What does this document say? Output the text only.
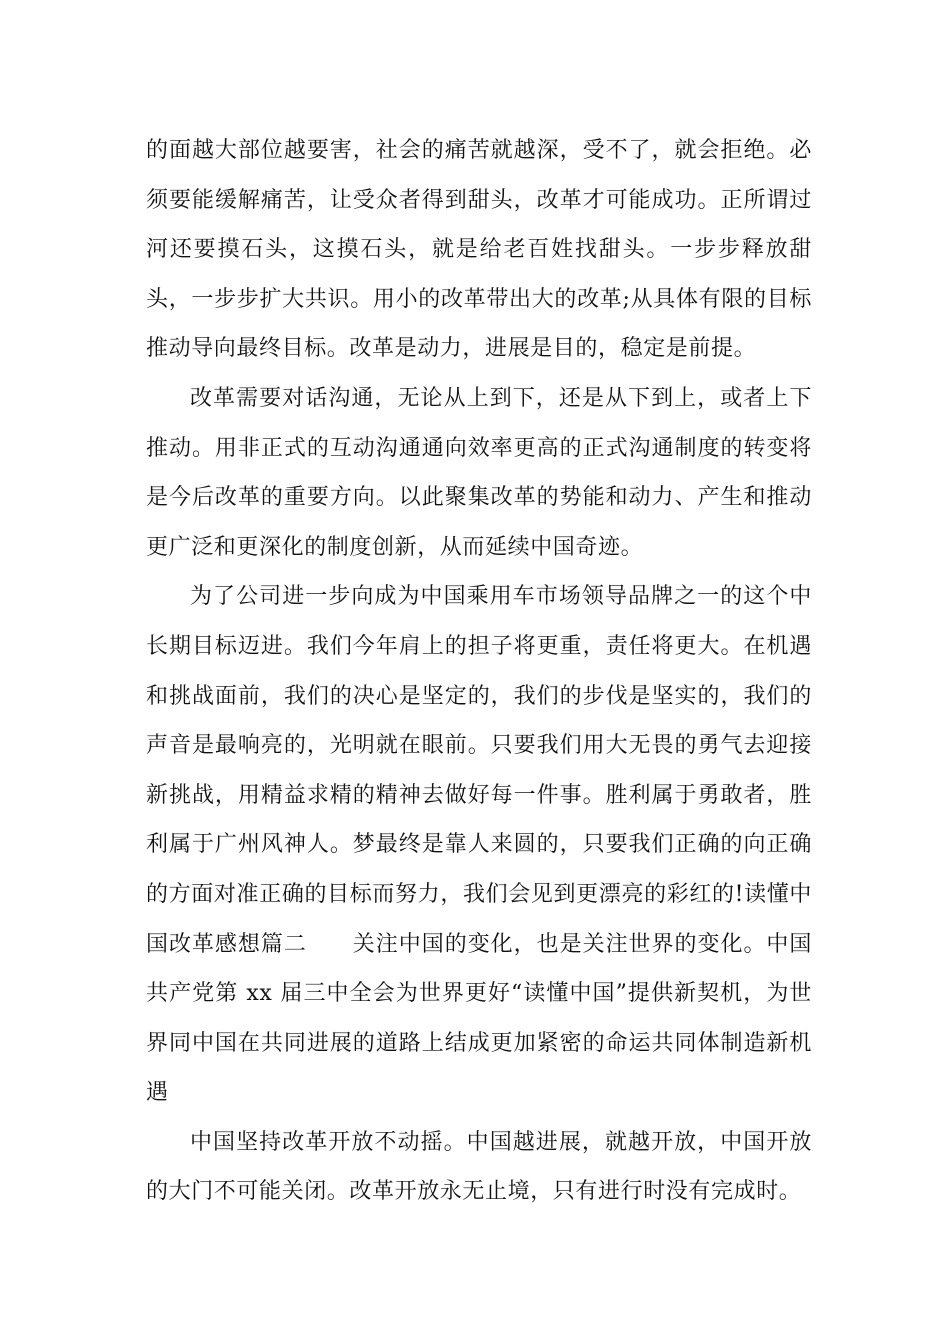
的面越大部位越要害，社会的痛苦就越深，受不了，就会拒绝。必须要能缓解痛苦，让受众者得到甜头，改革才可能成功。正所谓过河还要摸石头，这摸石头，就是给老百姓找甜头。一步步释放甜头，一步步扩大共识。用小的改革带出大的改革;从具体有限的目标推动导向最终目标。改革是动力，进展是目的，稳定是前提。

改革需要对话沟通，无论从上到下，还是从下到上，或者上下推动。用非正式的互动沟通通向效率更高的正式沟通制度的转变将是今后改革的重要方向。以此聚集改革的势能和动力、产生和推动更广泛和更深化的制度创新，从而延续中国奇迹。

为了公司进一步向成为中国乘用车市场领导品牌之一的这个中长期目标迈进。我们今年肩上的担子将更重，责任将更大。在机遇和挑战面前，我们的决心是坚定的，我们的步伐是坚实的，我们的声音是最响亮的，光明就在眼前。只要我们用大无畏的勇气去迎接新挑战，用精益求精的精神去做好每一件事。胜利属于勇敢者，胜利属于广州风神人。梦最终是靠人来圆的，只要我们正确的向正确的方面对准正确的目标而努力，我们会见到更漂亮的彩红的!读懂中国改革感想篇二　　关注中国的变化，也是关注世界的变化。中国共产党第 xx 届三中全会为世界更好“读懂中国”提供新契机，为世界同中国在共同进展的道路上结成更加紧密的命运共同体制造新机遇

中国坚持改革开放不动摇。中国越进展，就越开放，中国开放的大门不可能关闭。改革开放永无止境，只有进行时没有完成时。
